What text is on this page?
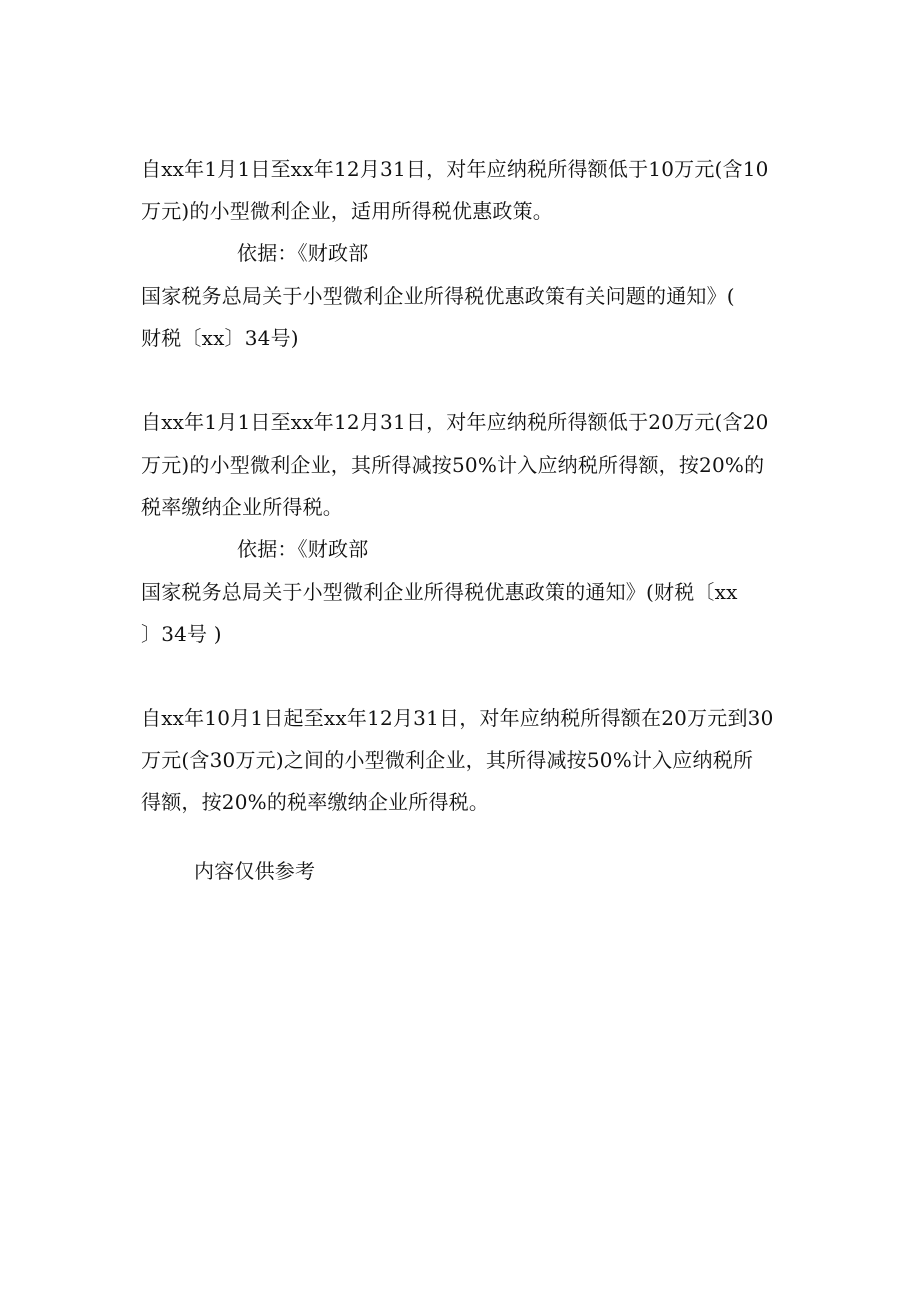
自xx年1月1日至xx年12月31日，对年应纳税所得额低于10万元(含10
万元)的小型微利企业，适用所得税优惠政策。
依据：《财政部
国家税务总局关于小型微利企业所得税优惠政策有关问题的通知》(
财税〔xx〕34号)
自xx年1月1日至xx年12月31日，对年应纳税所得额低于20万元(含20
万元)的小型微利企业，其所得减按50%计入应纳税所得额，按20%的
税率缴纳企业所得税。
依据：《财政部
国家税务总局关于小型微利企业所得税优惠政策的通知》(财税〔xx
〕34号 )
自xx年10月1日起至xx年12月31日，对年应纳税所得额在20万元到30
万元(含30万元)之间的小型微利企业，其所得减按50%计入应纳税所
得额，按20%的税率缴纳企业所得税。
内容仅供参考
